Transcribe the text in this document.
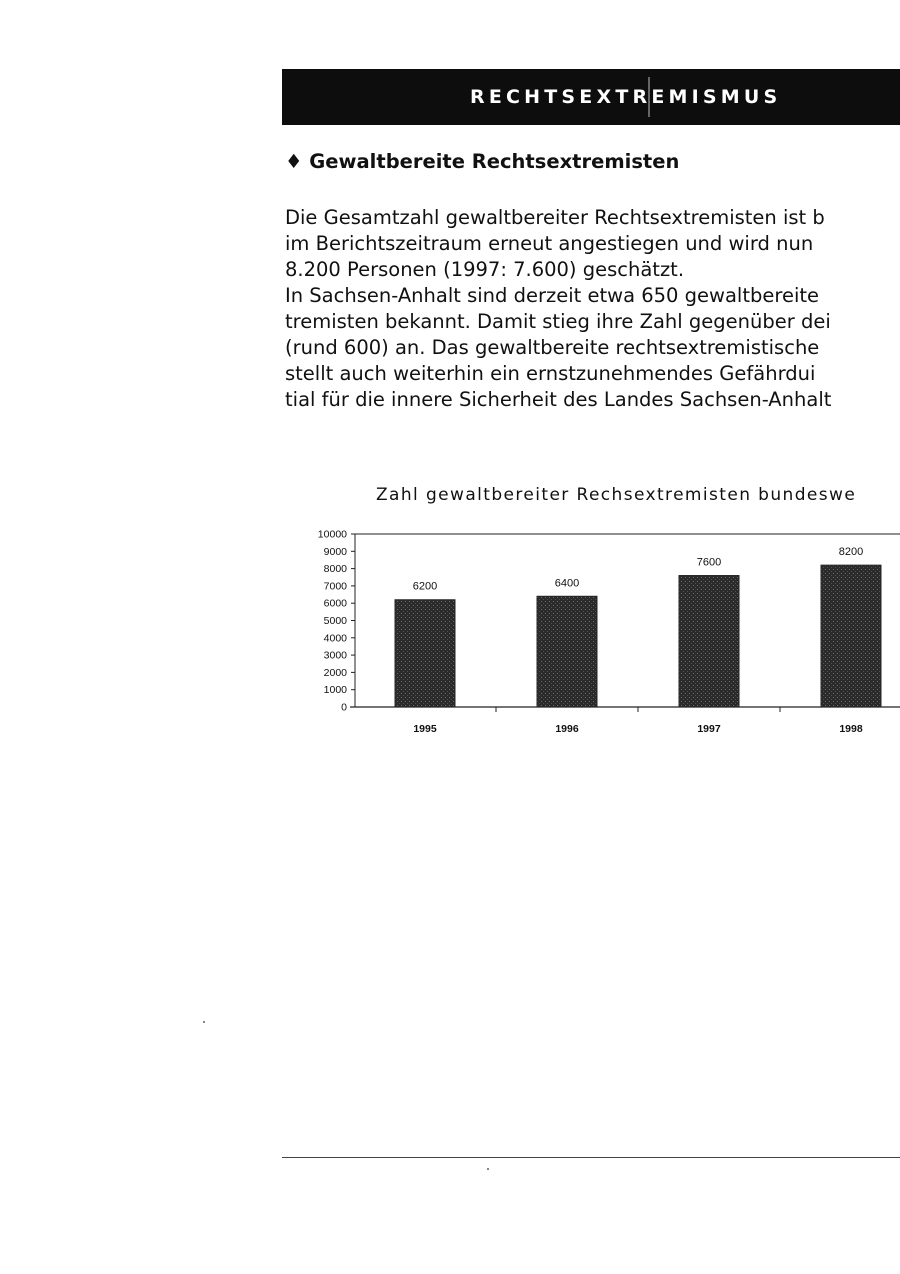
RECHTSEXTREMISMUS
♦ Gewaltbereite Rechtsextremisten
Die Gesamtzahl gewaltbereiter Rechtsextremisten ist b
im Berichtszeitraum erneut angestiegen und wird nun
8.200 Personen (1997: 7.600) geschätzt.
In Sachsen-Anhalt sind derzeit etwa 650 gewaltbereite
tremisten bekannt. Damit stieg ihre Zahl gegenüber dei
(rund 600) an. Das gewaltbereite rechtsextremistische
stellt auch weiterhin ein ernstzunehmendes Gefährdui
tial für die innere Sicherheit des Landes Sachsen-Anhalt
Zahl gewaltbereiter Rechsextremisten bundeswe
10000
9000
8000
7000
6000
5000
4000
3000
2000
1000
0
6200
1995
6400
1996
7600
1997
8200
1998
